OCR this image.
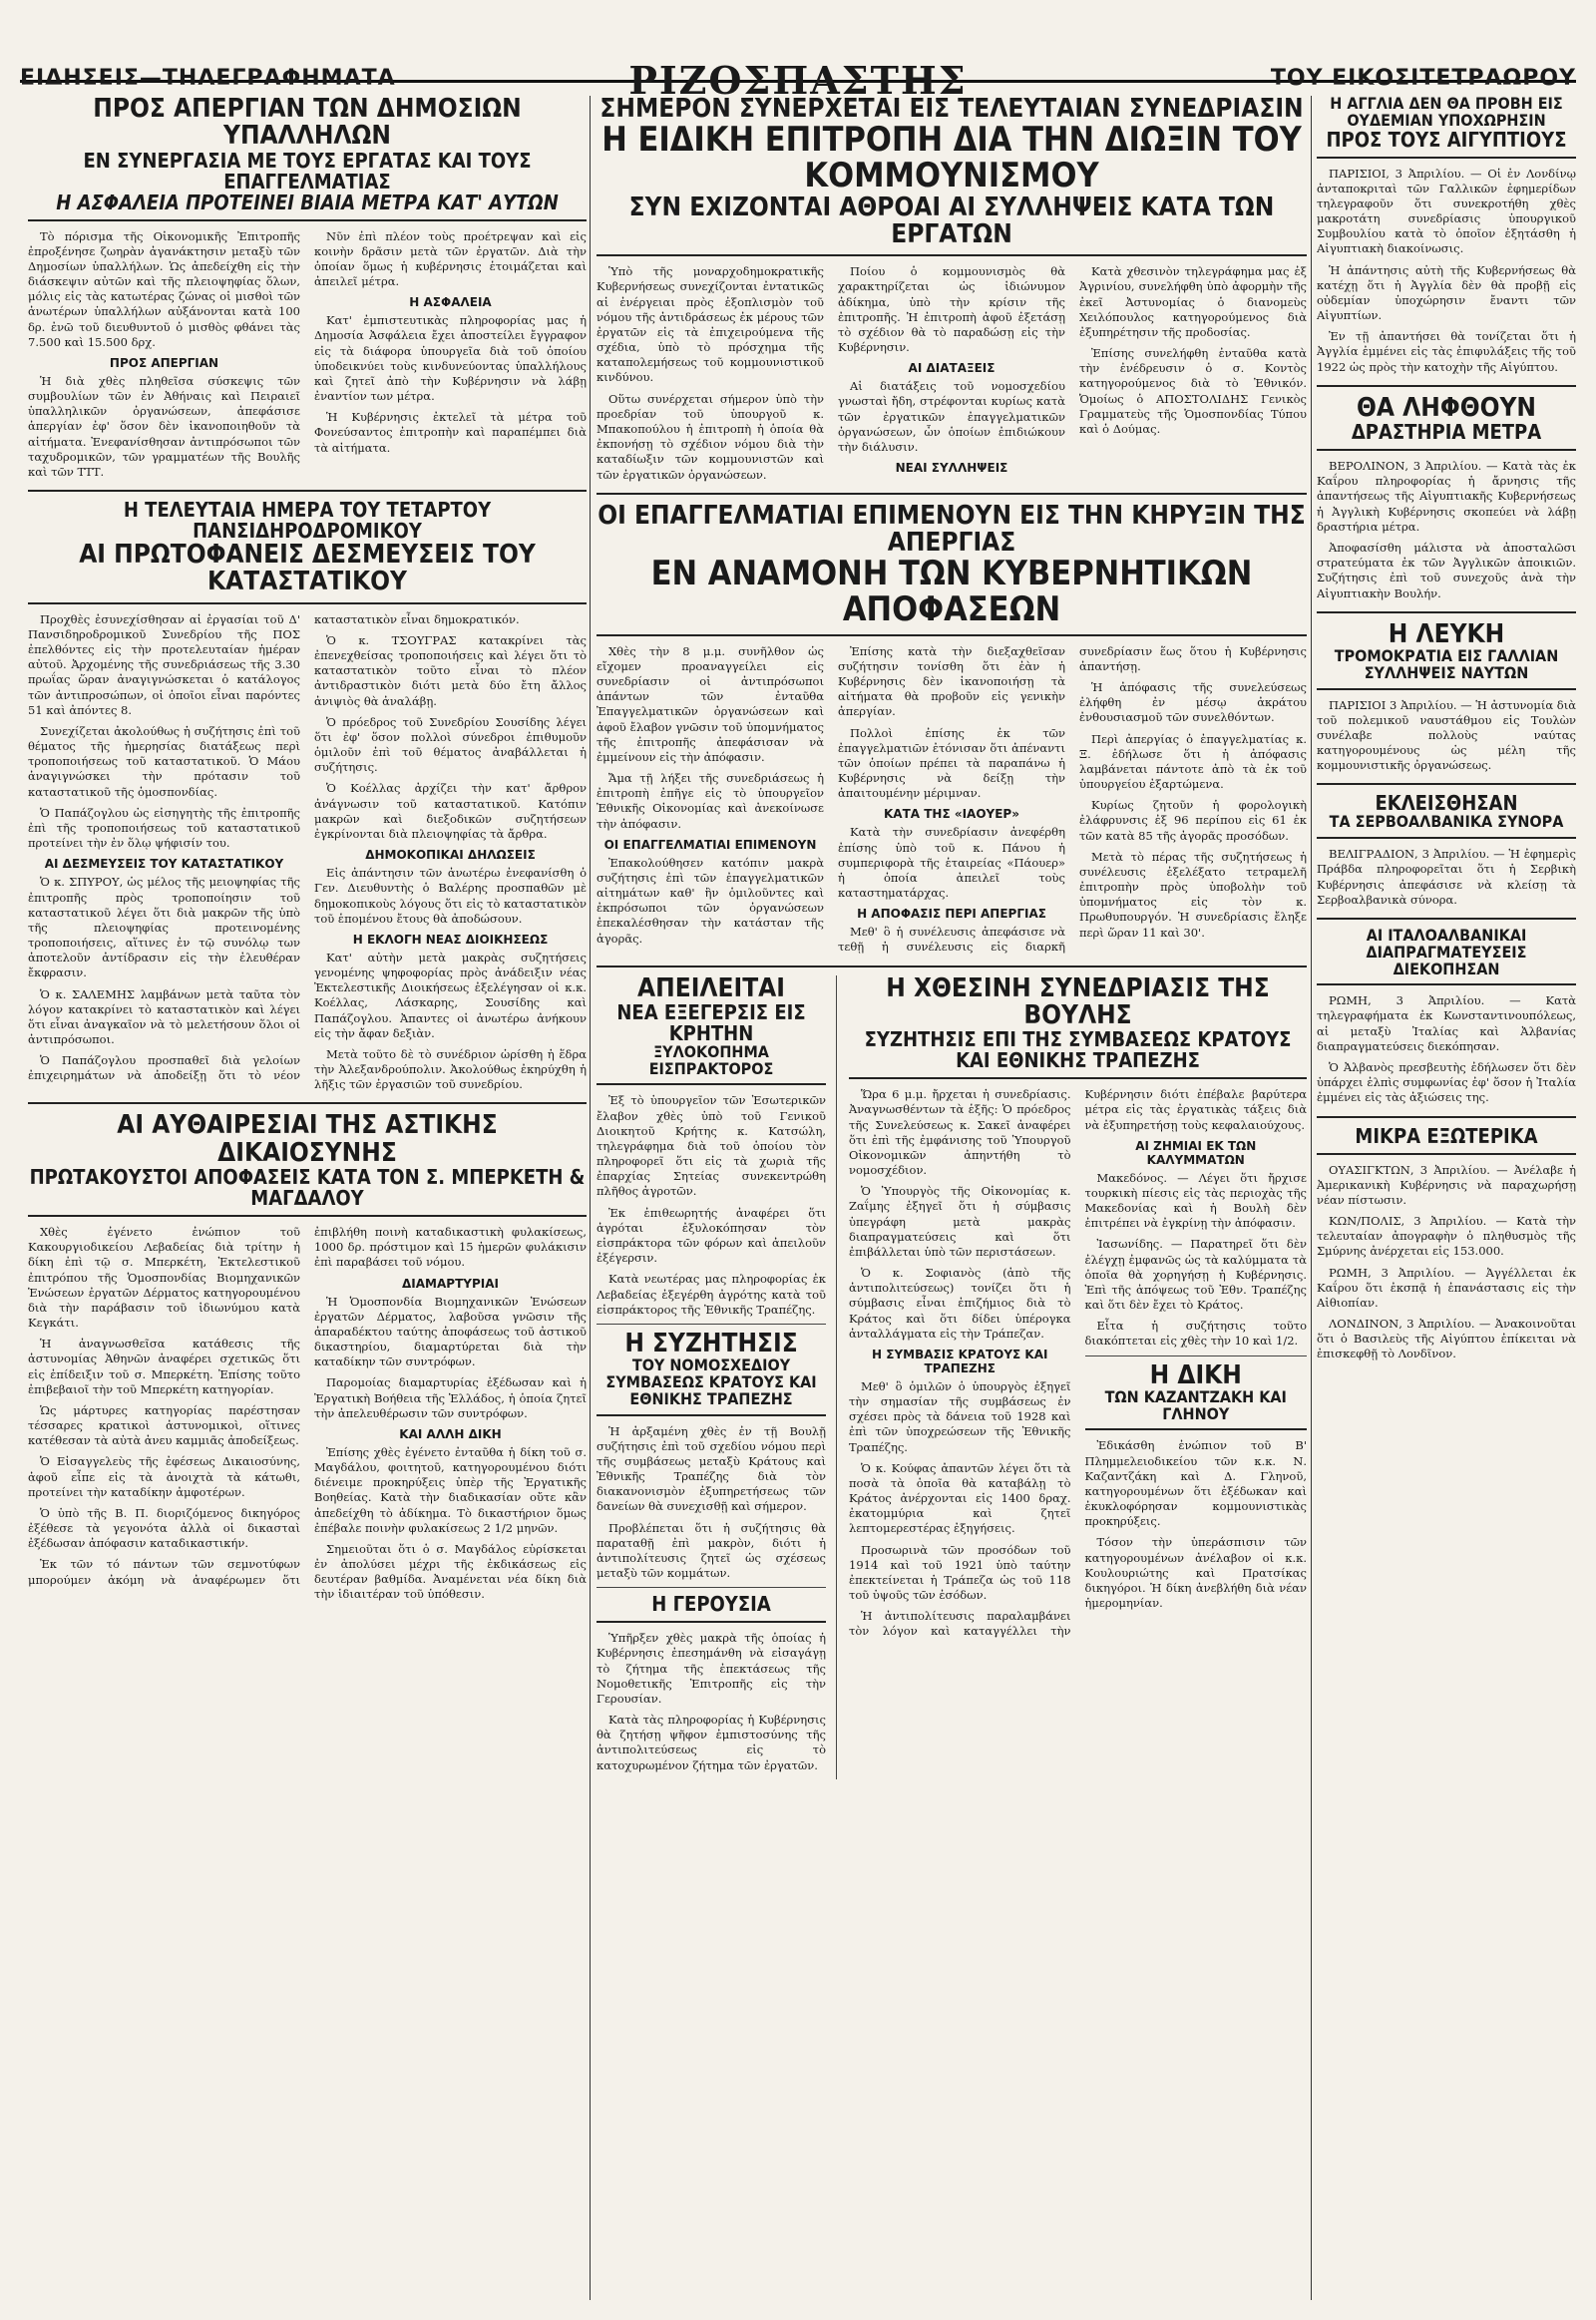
ΕΙΔΗΣΕΙΣ—ΤΗΛΕΓΡΑΦΗΜΑΤΑ	ΡΙΖΟΣΠΑΣΤΗΣ	ΤΟΥ ΕΙΚΟΣΙΤΕΤΡΑΩΡΟΥ
ΠΡΟΣ ΑΠΕΡΓΙΑΝ ΤΩΝ ΔΗΜΟΣΙΩΝ ΥΠΑΛΛΗΛΩΝ
ΕΝ ΣΥΝΕΡΓΑΣΙΑ ΜΕ ΤΟΥΣ ΕΡΓΑΤΑΣ ΚΑΙ ΤΟΥΣ ΕΠΑΓΓΕΛΜΑΤΙΑΣ
Η ΑΣΦΑΛΕΙΑ ΠΡΟΤΕΙΝΕΙ ΒΙΑΙΑ ΜΕΤΡΑ ΚΑΤ' ΑΥΤΩΝ

Τὸ πόρισμα τῆς Οἰκονομικῆς Ἐπιτροπῆς ἐπροξένησε ζωηρὰν ἀγανάκτησιν μεταξὺ τῶν Δημοσίων ὑπαλλήλων. Ὡς ἀπεδείχθη εἰς τὴν διάσκεψιν αὐτῶν καὶ τῆς πλειοψηφίας ὅλων, μόλις εἰς τὰς κατωτέρας ζώνας οἱ μισθοὶ τῶν ἀνωτέρων ὑπαλλήλων αὐξάνονται κατὰ 100 δρ. ἐνῶ τοῦ διευθυντοῦ ὁ μισθὸς φθάνει τὰς 7.500 καὶ 15.500 δρχ.

ΠΡΟΣ ΑΠΕΡΓΙΑΝ

Ἡ διὰ χθὲς πληθεῖσα σύσκεψις τῶν συμβουλίων τῶν ἐν Ἀθήναις καὶ Πειραιεῖ ὑπαλληλικῶν ὀργανώσεων, ἀπεφάσισε ἀπεργίαν ἐφ' ὅσον δὲν ἱκανοποιηθοῦν τὰ αἰτήματα. Ἐνεφανίσθησαν ἀντιπρόσωποι τῶν ταχυδρομικῶν, τῶν γραμματέων τῆς Βουλῆς καὶ τῶν ΤΤΤ.

Νῦν ἐπὶ πλέον τοὺς προέτρεψαν καὶ εἰς κοινὴν δρᾶσιν μετὰ τῶν ἐργατῶν. Διὰ τὴν ὁποίαν ὅμως ἡ κυβέρνησις ἑτοιμάζεται καὶ ἀπειλεῖ μέτρα.

Η ΑΣΦΑΛΕΙΑ

Κατ' ἐμπιστευτικὰς πληροφορίας μας ἡ Δημοσία Ἀσφάλεια ἔχει ἀποστείλει ἔγγραφον εἰς τὰ διάφορα ὑπουργεῖα διὰ τοῦ ὁποίου ὑποδεικνύει τοὺς κινδυνεύοντας ὑπαλλήλους καὶ ζητεῖ ἀπὸ τὴν Κυβέρνησιν νὰ λάβῃ ἐναντίον των μέτρα.

Ἡ Κυβέρνησις ἐκτελεῖ τὰ μέτρα τοῦ Φονεύσαντος ἐπιτροπὴν καὶ παραπέμπει διὰ τὰ αἰτήματα.

Η ΤΕΛΕΥΤΑΙΑ ΗΜΕΡΑ ΤΟΥ ΤΕΤΑΡΤΟΥ ΠΑΝΣΙΔΗΡΟΔΡΟΜΙΚΟΥ
ΑΙ ΠΡΩΤΟΦΑΝΕΙΣ ΔΕΣΜΕΥΣΕΙΣ ΤΟΥ ΚΑΤΑΣΤΑΤΙΚΟΥ

Προχθὲς ἐσυνεχίσθησαν αἱ ἐργασίαι τοῦ Δ' Πανσιδηροδρομικοῦ Συνεδρίου τῆς ΠΟΣ ἐπελθόντες εἰς τὴν προτελευταίαν ἡμέραν αὐτοῦ. Ἀρχομένης τῆς συνεδριάσεως τῆς 3.30 πρωΐας ὥραν ἀναγιγνώσκεται ὁ κατάλογος τῶν ἀντιπροσώπων, οἱ ὁποῖοι εἶναι παρόντες 51 καὶ ἀπόντες 8.

Συνεχίζεται ἀκολούθως ἡ συζήτησις ἐπὶ τοῦ θέματος τῆς ἡμερησίας διατάξεως περὶ τροποποιήσεως τοῦ καταστατικοῦ. Ὁ Μάου ἀναγιγνώσκει τὴν πρότασιν τοῦ καταστατικοῦ τῆς ὁμοσπονδίας.

Ὁ Παπάζογλου ὡς εἰσηγητὴς τῆς ἐπιτροπῆς ἐπὶ τῆς τροποποιήσεως τοῦ καταστατικοῦ προτείνει τὴν ἐν ὅλῳ ψήφισίν του.

ΑΙ ΔΕΣΜΕΥΣΕΙΣ ΤΟΥ ΚΑΤΑΣΤΑΤΙΚΟΥ

Ὁ κ. ΣΠΥΡΟΥ, ὡς μέλος τῆς μειοψηφίας τῆς ἐπιτροπῆς πρὸς τροποποίησιν τοῦ καταστατικοῦ λέγει ὅτι διὰ μακρῶν τῆς ὑπὸ τῆς πλειοψηφίας προτεινομένης τροποποιήσεις, αἵτινες ἐν τῷ συνόλῳ των ἀποτελοῦν ἀντίδρασιν εἰς τὴν ἐλευθέραν ἔκφρασιν.

Ὁ κ. ΣΑΛΕΜΗΣ λαμβάνων μετὰ ταῦτα τὸν λόγον κατακρίνει τὸ καταστατικὸν καὶ λέγει ὅτι εἶναι ἀναγκαῖον νὰ τὸ μελετήσουν ὅλοι οἱ ἀντιπρόσωποι.

Ὁ Παπάζογλου προσπαθεῖ διὰ γελοίων ἐπιχειρημάτων νὰ ἀποδείξῃ ὅτι τὸ νέον καταστατικὸν εἶναι δημοκρατικόν.

Ὁ κ. ΤΣΟΥΓΡΑΣ κατακρίνει τὰς ἐπενεχθείσας τροποποιήσεις καὶ λέγει ὅτι τὸ καταστατικὸν τοῦτο εἶναι τὸ πλέον ἀντιδραστικὸν διότι μετὰ δύο ἔτη ἄλλος ἀνιψιὸς θὰ ἀναλάβῃ.

Ὁ πρόεδρος τοῦ Συνεδρίου Σουσίδης λέγει ὅτι ἐφ' ὅσον πολλοὶ σύνεδροι ἐπιθυμοῦν ὁμιλοῦν ἐπὶ τοῦ θέματος ἀναβάλλεται ἡ συζήτησις.

Ὁ Κοέλλας ἀρχίζει τὴν κατ' ἄρθρον ἀνάγνωσιν τοῦ καταστατικοῦ. Κατόπιν μακρῶν καὶ διεξοδικῶν συζητήσεων ἐγκρίνονται διὰ πλειοψηφίας τὰ ἄρθρα.

ΔΗΜΟΚΟΠΙΚΑΙ ΔΗΛΩΣΕΙΣ

Εἰς ἀπάντησιν τῶν ἀνωτέρω ἐνεφανίσθη ὁ Γεν. Διευθυντὴς ὁ Βαλέρης προσπαθῶν μὲ δημοκοπικοὺς λόγους ὅτι εἰς τὸ καταστατικὸν τοῦ ἑπομένου ἔτους θὰ ἀποδώσουν.

Η ΕΚΛΟΓΗ ΝΕΑΣ ΔΙΟΙΚΗΣΕΩΣ

Κατ' αὐτὴν μετὰ μακρὰς συζητήσεις γενομένης ψηφοφορίας πρὸς ἀνάδειξιν νέας Ἐκτελεστικῆς Διοικήσεως ἐξελέγησαν οἱ κ.κ. Κοέλλας, Λάσκαρης, Σουσίδης καὶ Παπάζογλου. Ἀπαντες οἱ ἀνωτέρω ἀνήκουν εἰς τὴν ἄφαν δεξιὰν.

Μετὰ τοῦτο δὲ τὸ συνέδριον ὡρίσθη ἡ ἕδρα τὴν Ἀλεξανδρούπολιν. Ἀκολούθως ἐκηρύχθη ἡ λῆξις τῶν ἐργασιῶν τοῦ συνεδρίου.

ΑΙ ΑΥΘΑΙΡΕΣΙΑΙ ΤΗΣ ΑΣΤΙΚΗΣ ΔΙΚΑΙΟΣΥΝΗΣ
ΠΡΩΤΑΚΟΥΣΤΟΙ ΑΠΟΦΑΣΕΙΣ ΚΑΤΑ ΤΟΝ Σ. ΜΠΕΡΚΕΤΗ & ΜΑΓΔΑΛΟΥ

Χθὲς ἐγένετο ἐνώπιον τοῦ Κακουργιοδικείου Λεβαδείας διὰ τρίτην ἡ δίκη ἐπὶ τῷ σ. Μπερκέτη, Ἐκτελεστικοῦ ἐπιτρόπου τῆς Ὁμοσπονδίας Βιομηχανικῶν Ἑνώσεων ἐργατῶν Δέρματος κατηγορουμένου διὰ τὴν παράβασιν τοῦ ἰδιωνύμου κατὰ Κεγκάτι.

Ἡ ἀναγνωσθεῖσα κατάθεσις τῆς ἀστυνομίας Ἀθηνῶν ἀναφέρει σχετικῶς ὅτι εἰς ἐπίδειξιν τοῦ σ. Μπερκέτη. Ἐπίσης τοῦτο ἐπιβεβαιοῖ τὴν τοῦ Μπερκέτη κατηγορίαν.

Ὡς μάρτυρες κατηγορίας παρέστησαν τέσσαρες κρατικοὶ ἀστυνομικοὶ, οἵτινες κατέθεσαν τὰ αὐτὰ ἀνευ καμμιᾶς ἀποδείξεως.

Ὁ Εἰσαγγελεὺς τῆς ἐφέσεως Δικαιοσύνης, ἀφοῦ εἶπε εἰς τὰ ἀνοιχτὰ τὰ κάτωθι, προτείνει τὴν καταδίκην ἀμφοτέρων.

Ὁ ὑπὸ τῆς Β. Π. διοριζόμενος δικηγόρος ἐξέθεσε τὰ γεγονότα ἀλλὰ οἱ δικασταὶ ἐξέδωσαν ἀπόφασιν καταδικαστικήν.

Ἐκ τῶν τό πάντων τῶν σεμνοτύφων μπορούμεν ἀκόμη νὰ ἀναφέρωμεν ὅτι ἐπιβλήθη ποινὴ καταδικαστικὴ φυλακίσεως, 1000 δρ. πρόστιμον καὶ 15 ἡμερῶν φυλάκισιν ἐπὶ παραβάσει τοῦ νόμου.

ΔΙΑΜΑΡΤΥΡΙΑΙ

Ἡ Ὁμοσπονδία Βιομηχανικῶν Ἑνώσεων ἐργατῶν Δέρματος, λαβοῦσα γνῶσιν τῆς ἀπαραδέκτου ταύτης ἀποφάσεως τοῦ ἀστικοῦ δικαστηρίου, διαμαρτύρεται διὰ τὴν καταδίκην τῶν συντρόφων.

Παρομοίας διαμαρτυρίας ἐξέδωσαν καὶ ἡ Ἐργατικὴ Βοήθεια τῆς Ἑλλάδος, ἡ ὁποία ζητεῖ τὴν ἀπελευθέρωσιν τῶν συντρόφων.

ΚΑΙ ΑΛΛΗ ΔΙΚΗ

Ἐπίσης χθὲς ἐγένετο ἐνταῦθα ἡ δίκη τοῦ σ. Μαγδάλου, φοιτητοῦ, κατηγορουμένου διότι διένειμε προκηρύξεις ὑπὲρ τῆς Ἐργατικῆς Βοηθείας. Κατὰ τὴν διαδικασίαν οὔτε κἂν ἀπεδείχθη τὸ ἀδίκημα. Τὸ δικαστήριον ὅμως ἐπέβαλε ποινὴν φυλακίσεως 2 1/2 μηνῶν.

Σημειοῦται ὅτι ὁ σ. Μαγδάλος εὑρίσκεται ἐν ἀπολύσει μέχρι τῆς ἐκδικάσεως εἰς δευτέραν βαθμίδα. Ἀναμένεται νέα δίκη διὰ τὴν ἰδιαιτέραν τοῦ ὑπόθεσιν.

ΣΗΜΕΡΟΝ ΣΥΝΕΡΧΕΤΑΙ ΕΙΣ ΤΕΛΕΥΤΑΙΑΝ ΣΥΝΕΔΡΙΑΣΙΝ
Η ΕΙΔΙΚΗ ΕΠΙΤΡΟΠΗ ΔΙΑ ΤΗΝ ΔΙΩΞΙΝ ΤΟΥ ΚΟΜΜΟΥΝΙΣΜΟΥ
ΣΥΝ ΕΧΙΖΟΝΤΑΙ ΑΘΡΟΑΙ ΑΙ ΣΥΛΛΗΨΕΙΣ ΚΑΤΑ ΤΩΝ ΕΡΓΑΤΩΝ

Ὑπὸ τῆς μοναρχοδημοκρατικῆς Κυβερνήσεως συνεχίζονται ἐντατικῶς αἱ ἐνέργειαι πρὸς ἐξοπλισμὸν τοῦ νόμου τῆς ἀντιδράσεως ἐκ μέρους τῶν ἐργατῶν εἰς τὰ ἐπιχειρούμενα τῆς σχέδια, ὑπὸ τὸ πρόσχημα τῆς καταπολεμήσεως τοῦ κομμουνιστικοῦ κινδύνου.

Οὕτω συνέρχεται σήμερον ὑπὸ τὴν προεδρίαν τοῦ ὑπουργοῦ κ. Μπακοπούλου ἡ ἐπιτροπὴ ἡ ὁποία θὰ ἐκπονήσῃ τὸ σχέδιον νόμου διὰ τὴν καταδίωξιν τῶν κομμουνιστῶν καὶ τῶν ἐργατικῶν ὀργανώσεων.

Ποίου ὁ κομμουνισμὸς θὰ χαρακτηρίζεται ὡς ἰδιώνυμον ἀδίκημα, ὑπὸ τὴν κρίσιν τῆς ἐπιτροπῆς. Ἡ ἐπιτροπὴ ἀφοῦ ἐξετάσῃ τὸ σχέδιον θὰ τὸ παραδώσῃ εἰς τὴν Κυβέρνησιν.

ΑΙ ΔΙΑΤΑΞΕΙΣ

Αἱ διατάξεις τοῦ νομοσχεδίου γνωσταὶ ἤδη, στρέφονται κυρίως κατὰ τῶν ἐργατικῶν ἐπαγγελματικῶν ὀργανώσεων, ὧν ὁποίων ἐπιδιώκουν τὴν διάλυσιν.

ΝΕΑΙ ΣΥΛΛΗΨΕΙΣ

Κατὰ χθεσινὸν τηλεγράφημα μας ἐξ Ἀγρινίου, συνελήφθη ὑπὸ ἀφορμὴν τῆς ἐκεῖ Ἀστυνομίας ὁ διανομεὺς Χειλόπουλος κατηγορούμενος διὰ ἐξυπηρέτησιν τῆς προδοσίας.

Ἐπίσης συνελήφθη ἐνταῦθα κατὰ τὴν ἐνέδρευσιν ὁ σ. Κοντὸς κατηγορούμενος διὰ τὸ Ἐθνικόν. Ὁμοίως ὁ ΑΠΟΣΤΟΛΙΔΗΣ Γενικὸς Γραμματεὺς τῆς Ὁμοσπονδίας Τύπου καὶ ὁ Δούμας.

ΟΙ ΕΠΑΓΓΕΛΜΑΤΙΑΙ ΕΠΙΜΕΝΟΥΝ ΕΙΣ ΤΗΝ ΚΗΡΥΞΙΝ ΤΗΣ ΑΠΕΡΓΙΑΣ
ΕΝ ΑΝΑΜΟΝΗ ΤΩΝ ΚΥΒΕΡΝΗΤΙΚΩΝ ΑΠΟΦΑΣΕΩΝ

Χθὲς τὴν 8 μ.μ. συνῆλθον ὡς εἴχομεν προαναγγείλει εἰς συνεδρίασιν οἱ ἀντιπρόσωποι ἁπάντων τῶν ἐνταῦθα Ἐπαγγελματικῶν ὀργανώσεων καὶ ἀφοῦ ἔλαβον γνῶσιν τοῦ ὑπομνήματος τῆς ἐπιτροπῆς ἀπεφάσισαν νὰ ἐμμείνουν εἰς τὴν ἀπόφασιν.

Ἄμα τῇ λήξει τῆς συνεδριάσεως ἡ ἐπιτροπὴ ἐπῆγε εἰς τὸ ὑπουργεῖον Ἐθνικῆς Οἰκονομίας καὶ ἀνεκοίνωσε τὴν ἀπόφασιν.

ΟΙ ΕΠΑΓΓΕΛΜΑΤΙΑΙ ΕΠΙΜΕΝΟΥΝ

Ἐπακολούθησεν κατόπιν μακρὰ συζήτησις ἐπὶ τῶν ἐπαγγελματικῶν αἰτημάτων καθ' ἣν ὁμιλοῦντες καὶ ἐκπρόσωποι τῶν ὀργανώσεων ἐπεκαλέσθησαν τὴν κατάσταν τῆς ἀγορᾶς.

Ἐπίσης κατὰ τὴν διεξαχθεῖσαν συζήτησιν τονίσθη ὅτι ἐὰν ἡ Κυβέρνησις δὲν ἱκανοποιήσῃ τὰ αἰτήματα θὰ προβοῦν εἰς γενικὴν ἀπεργίαν.

Πολλοὶ ἐπίσης ἐκ τῶν ἐπαγγελματιῶν ἐτόνισαν ὅτι ἀπέναντι τῶν ὁποίων πρέπει τὰ παραπάνω ἡ Κυβέρνησις νὰ δείξῃ τὴν ἀπαιτουμένην μέριμναν.

ΚΑΤΑ ΤΗΣ «ΙΑΟΥΕΡ»

Κατὰ τὴν συνεδρίασιν ἀνεφέρθη ἐπίσης ὑπὸ τοῦ κ. Πάνου ἡ συμπεριφορὰ τῆς ἑταιρείας «Πάουερ» ἡ ὁποία ἀπειλεῖ τοὺς καταστηματάρχας.

Η ΑΠΟΦΑΣΙΣ ΠΕΡΙ ΑΠΕΡΓΙΑΣ

Μεθ' ὃ ἡ συνέλευσις ἀπεφάσισε νὰ τεθῇ ἡ συνέλευσις εἰς διαρκῆ συνεδρίασιν ἕως ὅτου ἡ Κυβέρνησις ἀπαντήσῃ.

Ἡ ἀπόφασις τῆς συνελεύσεως ἐλήφθη ἐν μέσῳ ἀκράτου ἐνθουσιασμοῦ τῶν συνελθόντων.

Περὶ ἀπεργίας ὁ ἐπαγγελματίας κ. Ξ. ἐδήλωσε ὅτι ἡ ἀπόφασις λαμβάνεται πάντοτε ἀπὸ τὰ ἐκ τοῦ ὑπουργείου ἐξαρτώμενα.

Κυρίως ζητοῦν ἡ φορολογικὴ ἐλάφρυνσις ἐξ 96 περίπου εἰς 61 ἐκ τῶν κατὰ 85 τῆς ἀγορᾶς προσόδων.

Μετὰ τὸ πέρας τῆς συζητήσεως ἡ συνέλευσις ἐξελέξατο τετραμελῆ ἐπιτροπὴν πρὸς ὑποβολὴν τοῦ ὑπομνήματος εἰς τὸν κ. Πρωθυπουργόν. Ἡ συνεδρίασις ἔληξε περὶ ὥραν 11 καὶ 30'.

ΑΠΕΙΛΕΙΤΑΙ
ΝΕΑ ΕΞΕΓΕΡΣΙΣ ΕΙΣ ΚΡΗΤΗΝ
ΞΥΛΟΚΟΠΗΜΑ ΕΙΣΠΡΑΚΤΟΡΟΣ

Ἐξ τὸ ὑπουργεῖον τῶν Ἐσωτερικῶν ἔλαβον χθὲς ὑπὸ τοῦ Γενικοῦ Διοικητοῦ Κρήτης κ. Κατσώλη, τηλεγράφημα διὰ τοῦ ὁποίου τὸν πληροφορεῖ ὅτι εἰς τὰ χωριὰ τῆς ἐπαρχίας Σητείας συνεκεντρώθη πλῆθος ἀγροτῶν.

Ἐκ ἐπιθεωρητής ἀναφέρει ὅτι ἀγρόται ἐξυλοκόπησαν τὸν εἰσπράκτορα τῶν φόρων καὶ ἀπειλοῦν ἐξέγερσιν.

Κατὰ νεωτέρας μας πληροφορίας ἐκ Λεβαδείας ἐξεγέρθη ἀγρότης κατὰ τοῦ εἰσπράκτορος τῆς Ἐθνικῆς Τραπέζης.

Η ΣΥΖΗΤΗΣΙΣ
ΤΟΥ ΝΟΜΟΣΧΕΔΙΟΥ ΣΥΜΒΑΣΕΩΣ ΚΡΑΤΟΥΣ ΚΑΙ ΕΘΝΙΚΗΣ ΤΡΑΠΕΖΗΣ

Ἡ ἀρξαμένη χθὲς ἐν τῇ Βουλῇ συζήτησις ἐπὶ τοῦ σχεδίου νόμου περὶ τῆς συμβάσεως μεταξὺ Κράτους καὶ Ἐθνικῆς Τραπέζης διὰ τὸν διακανονισμὸν ἐξυπηρετήσεως τῶν δανείων θὰ συνεχισθῇ καὶ σήμερον.

Προβλέπεται ὅτι ἡ συζήτησις θὰ παραταθῇ ἐπὶ μακρὸν, διότι ἡ ἀντιπολίτευσις ζητεῖ ὡς σχέσεως μεταξὺ τῶν κομμάτων.

Η ΓΕΡΟΥΣΙΑ

Ὑπῆρξεν χθὲς μακρὰ τῆς ὁποίας ἡ Κυβέρνησις ἐπεσημάνθη νὰ εἰσαγάγῃ τὸ ζήτημα τῆς ἐπεκτάσεως τῆς Νομοθετικῆς Ἐπιτροπῆς εἰς τὴν Γερουσίαν.

Κατὰ τὰς πληροφορίας ἡ Κυβέρνησις θὰ ζητήσῃ ψῆφον ἐμπιστοσύνης τῆς ἀντιπολιτεύσεως εἰς τὸ κατοχυρωμένον ζήτημα τῶν ἐργατῶν.

Η ΧΘΕΣΙΝΗ ΣΥΝΕΔΡΙΑΣΙΣ ΤΗΣ ΒΟΥΛΗΣ
ΣΥΖΗΤΗΣΙΣ ΕΠΙ ΤΗΣ ΣΥΜΒΑΣΕΩΣ ΚΡΑΤΟΥΣ ΚΑΙ ΕΘΝΙΚΗΣ ΤΡΑΠΕΖΗΣ

Ὥρα 6 μ.μ. ἤρχεται ἡ συνεδρίασις. Ἀναγνωσθέντων τὰ ἑξῆς: Ὁ πρόεδρος τῆς Συνελεύσεως κ. Σακεῖ ἀναφέρει ὅτι ἐπὶ τῆς ἐμφάνισης τοῦ Ὑπουργοῦ Οἰκονομικῶν ἀπηντήθη τὸ νομοσχέδιον.

Ὁ Ὑπουργὸς τῆς Οἰκονομίας κ. Ζαΐμης ἐξηγεῖ ὅτι ἡ σύμβασις ὑπεγράφη μετὰ μακρὰς διαπραγματεύσεις καὶ ὅτι ἐπιβάλλεται ὑπὸ τῶν περιστάσεων.

Ὁ κ. Σοφιανὸς (ἀπὸ τῆς ἀντιπολιτεύσεως) τονίζει ὅτι ἡ σύμβασις εἶναι ἐπιζήμιος διὰ τὸ Κράτος καὶ ὅτι δίδει ὑπέρογκα ἀνταλλάγματα εἰς τὴν Τράπεζαν.

Η ΣΥΜΒΑΣΙΣ ΚΡΑΤΟΥΣ ΚΑΙ ΤΡΑΠΕΖΗΣ

Μεθ' ὃ ὁμιλῶν ὁ ὑπουργὸς ἐξηγεῖ τὴν σημασίαν τῆς συμβάσεως ἐν σχέσει πρὸς τὰ δάνεια τοῦ 1928 καὶ ἐπὶ τῶν ὑποχρεώσεων τῆς Ἐθνικῆς Τραπέζης.

Ὁ κ. Κούφας ἀπαντῶν λέγει ὅτι τὰ ποσὰ τὰ ὁποῖα θὰ καταβάλῃ τὸ Κράτος ἀνέρχονται εἰς 1400 δραχ. ἐκατομμύρια καὶ ζητεῖ λεπτομερεστέρας ἐξηγήσεις.

Προσωρινὰ τῶν προσόδων τοῦ 1914 καὶ τοῦ 1921 ὑπὸ ταύτην ἐπεκτείνεται ἡ Τράπεζα ὡς τοῦ 118 τοῦ ὑψοῦς τῶν ἐσόδων.

Ἡ ἀντιπολίτευσις παραλαμβάνει τὸν λόγον καὶ καταγγέλλει τὴν Κυβέρνησιν διότι ἐπέβαλε βαρύτερα μέτρα εἰς τὰς ἐργατικὰς τάξεις διὰ νὰ ἐξυπηρετήσῃ τοὺς κεφαλαιούχους.

ΑΙ ΖΗΜΙΑΙ ΕΚ ΤΩΝ ΚΑΛΥΜΜΑΤΩΝ

Μακεδόνος. — Λέγει ὅτι ἤρχισε τουρκικὴ πίεσις εἰς τὰς περιοχὰς τῆς Μακεδονίας καὶ ἡ Βουλὴ δὲν ἐπιτρέπει νὰ ἐγκρίνῃ τὴν ἀπόφασιν.

Ἰασωνίδης. — Παρατηρεῖ ὅτι δὲν ἐλέγχῃ ἐμφανῶς ὡς τὰ καλύμματα τὰ ὁποῖα θὰ χορηγήσῃ ἡ Κυβέρνησις. Ἐπὶ τῆς ἀπόψεως τοῦ Ἐθν. Τραπέζης καὶ ὅτι δὲν ἔχει τὸ Κράτος.

Εἶτα ἡ συζήτησις τοῦτο διακόπτεται εἰς χθὲς τὴν 10 καὶ 1/2.

Η ΔΙΚΗ
ΤΩΝ ΚΑΖΑΝΤΖΑΚΗ ΚΑΙ ΓΛΗΝΟΥ

Ἐδικάσθη ἐνώπιον τοῦ Β' Πλημμελειοδικείου τῶν κ.κ. Ν. Καζαντζάκη καὶ Δ. Γληνοῦ, κατηγορουμένων ὅτι ἐξέδωκαν καὶ ἐκυκλοφόρησαν κομμουνιστικὰς προκηρύξεις.

Τόσον τὴν ὑπεράσπισιν τῶν κατηγορουμένων ἀνέλαβον οἱ κ.κ. Κουλουριώτης καὶ Πρατσίκας δικηγόροι. Ἡ δίκη ἀνεβλήθη διὰ νέαν ἡμερομηνίαν.

Η ΑΓΓΛΙΑ ΔΕΝ ΘΑ ΠΡΟΒΗ ΕΙΣ ΟΥΔΕΜΙΑΝ ΥΠΟΧΩΡΗΣΙΝ
ΠΡΟΣ ΤΟΥΣ ΑΙΓΥΠΤΙΟΥΣ

ΠΑΡΙΣΙΟΙ, 3 Ἀπριλίου. — Οἱ ἐν Λονδίνῳ ἀνταποκριταὶ τῶν Γαλλικῶν ἐφημερίδων τηλεγραφοῦν ὅτι συνεκροτήθη χθὲς μακροτάτη συνεδρίασις ὑπουργικοῦ Συμβουλίου κατὰ τὸ ὁποῖον ἐξητάσθη ἡ Αἰγυπτιακὴ διακοίνωσις.

Ἡ ἀπάντησις αὐτὴ τῆς Κυβερνήσεως θὰ κατέχῃ ὅτι ἡ Ἀγγλία δὲν θὰ προβῇ εἰς οὐδεμίαν ὑποχώρησιν ἔναντι τῶν Αἰγυπτίων.

Ἐν τῇ ἀπαντήσει θὰ τονίζεται ὅτι ἡ Ἀγγλία ἐμμένει εἰς τὰς ἐπιφυλάξεις τῆς τοῦ 1922 ὡς πρὸς τὴν κατοχὴν τῆς Αἰγύπτου.

ΘΑ ΛΗΦΘΟΥΝ
ΔΡΑΣΤΗΡΙΑ ΜΕΤΡΑ

ΒΕΡΟΛΙΝΟΝ, 3 Ἀπριλίου. — Κατὰ τὰς ἐκ Καΐρου πληροφορίας ἡ ἄρνησις τῆς ἀπαντήσεως τῆς Αἰγυπτιακῆς Κυβερνήσεως ἠ Ἀγγλικὴ Κυβέρνησις σκοπεύει νὰ λάβῃ δραστήρια μέτρα.

Ἀποφασίσθη μάλιστα νὰ ἀποσταλῶσι στρατεύματα ἐκ τῶν Ἀγγλικῶν ἀποικιῶν. Συζήτησις ἐπὶ τοῦ συνεχοῦς ἀνὰ τὴν Αἰγυπτιακὴν Βουλήν.

Η ΛΕΥΚΗ
ΤΡΟΜΟΚΡΑΤΙΑ ΕΙΣ ΓΑΛΛΙΑΝ
ΣΥΛΛΗΨΕΙΣ ΝΑΥΤΩΝ

ΠΑΡΙΣΙΟΙ 3 Ἀπριλίου. — Ἡ ἀστυνομία διὰ τοῦ πολεμικοῦ ναυστάθμου εἰς Τουλὼν συνέλαβε πολλοὺς ναύτας κατηγορουμένους ὡς μέλη τῆς κομμουνιστικῆς ὀργανώσεως.

ΕΚΛΕΙΣΘΗΣΑΝ
ΤΑ ΣΕΡΒΟΑΛΒΑΝΙΚΑ ΣΥΝΟΡΑ

ΒΕΛΙΓΡΑΔΙΟΝ, 3 Ἀπριλίου. — Ἡ ἐφημερὶς Πράβδα πληροφορεῖται ὅτι ἡ Σερβικὴ Κυβέρνησις ἀπεφάσισε νὰ κλείσῃ τὰ Σερβοαλβανικὰ σύνορα.

ΑΙ ΙΤΑΛΟΑΛΒΑΝΙΚΑΙ
ΔΙΑΠΡΑΓΜΑΤΕΥΣΕΙΣ ΔΙΕΚΟΠΗΣΑΝ

ΡΩΜΗ, 3 Ἀπριλίου. — Κατὰ τηλεγραφήματα ἐκ Κωνσταντινουπόλεως, αἱ μεταξὺ Ἰταλίας καὶ Ἀλβανίας διαπραγματεύσεις διεκόπησαν.

Ὁ Ἀλβανὸς πρεσβευτὴς ἐδήλωσεν ὅτι δὲν ὑπάρχει ἐλπὶς συμφωνίας ἐφ' ὅσον ἡ Ἰταλία ἐμμένει εἰς τὰς ἀξιώσεις της.

ΜΙΚΡΑ ΕΞΩΤΕΡΙΚΑ

ΟΥΑΣΙΓΚΤΩΝ, 3 Ἀπριλίου. — Ἀνέλαβε ἡ Ἀμερικανικὴ Κυβέρνησις νὰ παραχωρήσῃ νέαν πίστωσιν.

ΚΩΝ/ΠΟΛΙΣ, 3 Ἀπριλίου. — Κατὰ τὴν τελευταίαν ἀπογραφὴν ὁ πληθυσμὸς τῆς Σμύρνης ἀνέρχεται εἰς 153.000.

ΡΩΜΗ, 3 Ἀπριλίου. — Ἀγγέλλεται ἐκ Καΐρου ὅτι ἐκσπᾷ ἡ ἐπανάστασις εἰς τὴν Αἰθιοπίαν.

ΛΟΝΔΙΝΟΝ, 3 Ἀπριλίου. — Ἀνακοινοῦται ὅτι ὁ Βασιλεὺς τῆς Αἰγύπτου ἐπίκειται νὰ ἐπισκεφθῇ τὸ Λονδῖνον.
